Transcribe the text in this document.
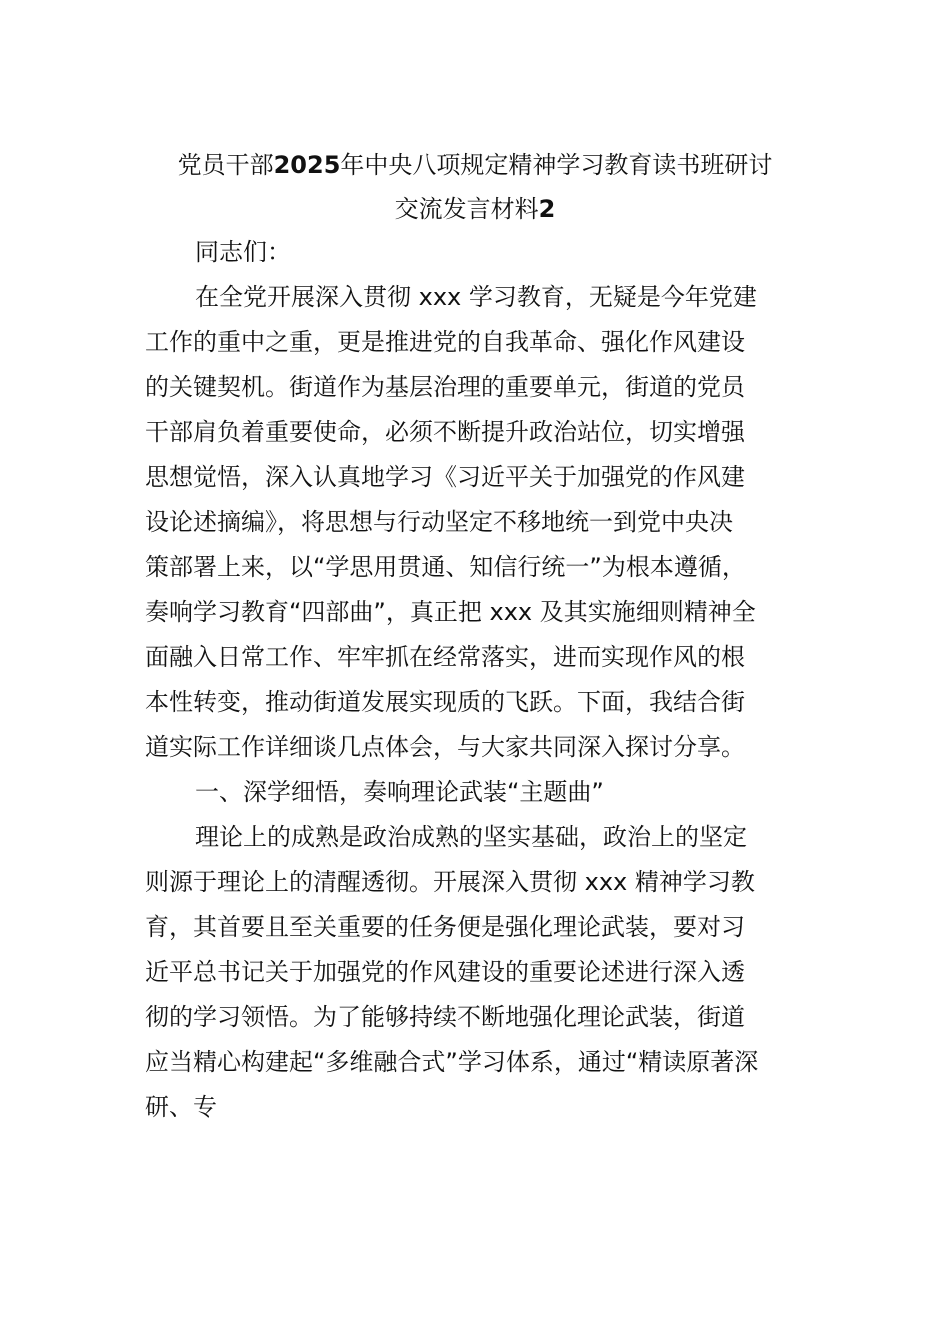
党员干部2025年中央八项规定精神学习教育读书班研讨
交流发言材料2
同志们：
在全党开展深入贯彻 xxx 学习教育，无疑是今年党建
工作的重中之重，更是推进党的自我革命、强化作风建设
的关键契机。街道作为基层治理的重要单元，街道的党员
干部肩负着重要使命，必须不断提升政治站位，切实增强
思想觉悟，深入认真地学习《习近平关于加强党的作风建
设论述摘编》，将思想与行动坚定不移地统一到党中央决
策部署上来，以“学思用贯通、知信行统一”为根本遵循，
奏响学习教育“四部曲”，真正把 xxx 及其实施细则精神全
面融入日常工作、牢牢抓在经常落实，进而实现作风的根
本性转变，推动街道发展实现质的飞跃。下面，我结合街
道实际工作详细谈几点体会，与大家共同深入探讨分享。
一、深学细悟，奏响理论武装“主题曲”
理论上的成熟是政治成熟的坚实基础，政治上的坚定
则源于理论上的清醒透彻。开展深入贯彻 xxx 精神学习教
育，其首要且至关重要的任务便是强化理论武装，要对习
近平总书记关于加强党的作风建设的重要论述进行深入透
彻的学习领悟。为了能够持续不断地强化理论武装，街道
应当精心构建起“多维融合式”学习体系，通过“精读原著深
研、专
